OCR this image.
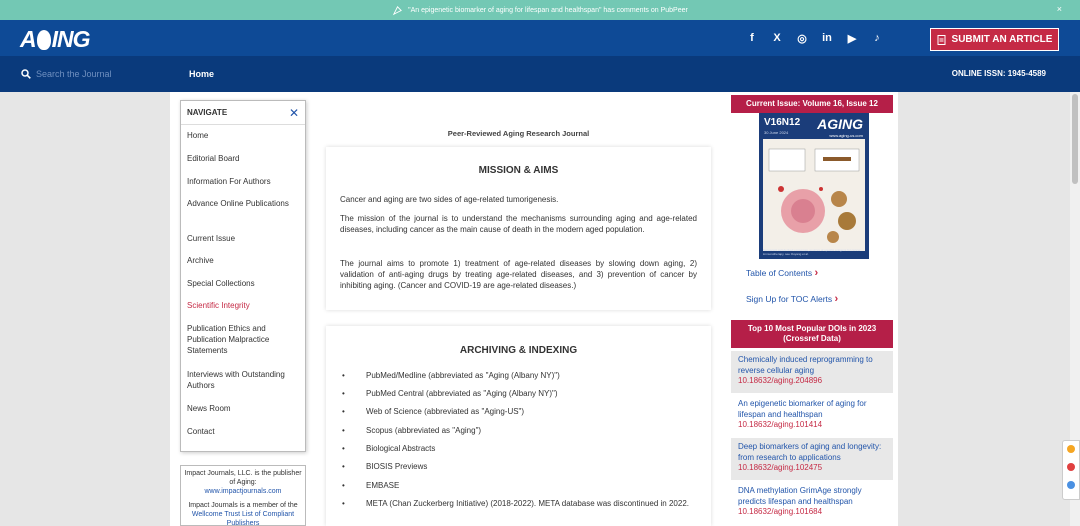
"An epigenetic biomarker of aging for lifespan and healthspan" has comments on PubPeer	×
A ING	f	X	◎ in ▶	♪	SUBMIT AN ARTICLE
Search the Journal
Home	ONLINE ISSN: 1945-4589
NAVIGATE	✕
Home
Editorial Board
Information For Authors
Advance Online Publications
Current Issue
Archive
Special Collections
Scientific Integrity
Publication Ethics and Publication Malpractice Statements
Interviews with Outstanding Authors
News Room
Contact
Impact Journals, LLC. is the publisher of Aging:
www.impactjournals.com
Impact Journals is a member of the
Wellcome Trust List of Compliant Publishers
Peer-Reviewed Aging Research Journal
MISSION & AIMS

Cancer and aging are two sides of age-related tumorigenesis.

The mission of the journal is to understand the mechanisms surrounding aging and age-related diseases, including cancer as the main cause of death in the modern aged population.

The journal aims to promote 1) treatment of age-related diseases by slowing down aging, 2) validation of anti-aging drugs by treating age-related diseases, and 3) prevention of cancer by inhibiting aging. (Cancer and COVID-19 are age-related diseases.)

ARCHIVING & INDEXING
• PubMed/Medline (abbreviated as "Aging (Albany NY)")
• PubMed Central (abbreviated as "Aging (Albany NY)")
• Web of Science (abbreviated as "Aging-US")
• Scopus (abbreviated as "Aging")
• Biological Abstracts
• BIOSIS Previews
• EMBASE
• META (Chan Zuckerberg Initiative) (2018-2022). META database was discontinued in 2022.
Current Issue: Volume 16, Issue 12
V16N12
30 June 2024
AGING
www.aging-us.com
Senescent cell-derived exosomes, sources of specific antigens for cancer immunotherapy, see Ouyang et al.
Table of Contents ›
Sign Up for TOC Alerts ›
Top 10 Most Popular DOIs in 2023 (Crossref Data)
Chemically induced reprogramming to reverse cellular aging
10.18632/aging.204896
An epigenetic biomarker of aging for lifespan and healthspan
10.18632/aging.101414
Deep biomarkers of aging and longevity: from research to applications
10.18632/aging.102475
DNA methylation GrimAge strongly predicts lifespan and healthspan
10.18632/aging.101684
